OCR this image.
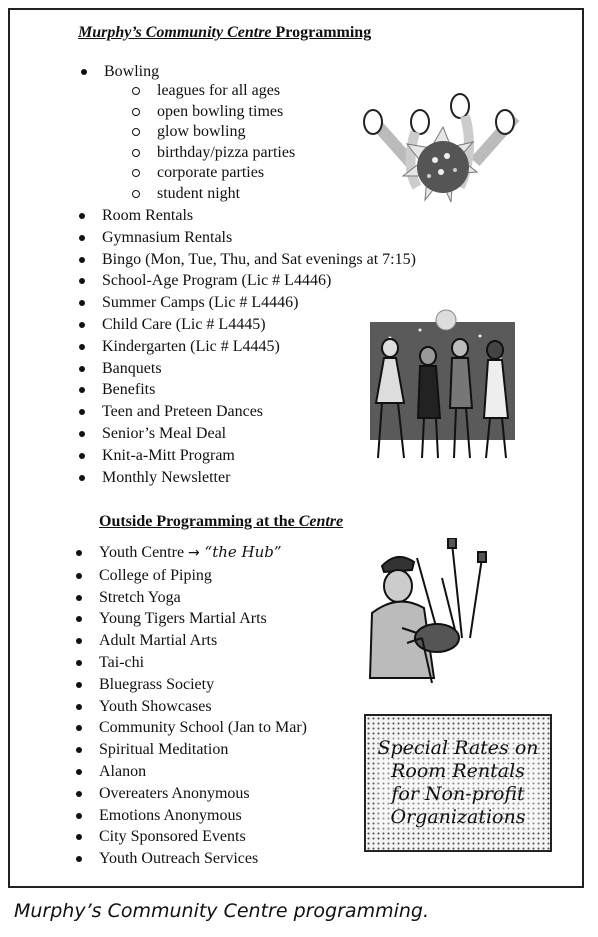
Murphy’s Community Centre Programming
Bowling
leagues for all ages
open bowling times
glow bowling
birthday/pizza parties
corporate parties
student night
Room Rentals
Gymnasium Rentals
Bingo (Mon, Tue, Thu, and Sat evenings at 7:15)
School-Age Program (Lic # L4446)
Summer Camps (Lic # L4446)
Child Care (Lic # L4445)
Kindergarten (Lic # L4445)
Banquets
Benefits
Teen and Preteen Dances
Senior’s Meal Deal
Knit-a-Mitt Program
Monthly Newsletter
Outside Programming at the Centre
Youth Centre → “the Hub”
College of Piping
Stretch Yoga
Young Tigers Martial Arts
Adult Martial Arts
Tai-chi
Bluegrass Society
Youth Showcases
Community School (Jan to Mar)
Spiritual Meditation
Alanon
Overeaters Anonymous
Emotions Anonymous
City Sponsored Events
Youth Outreach Services
Special Rates on
Room Rentals
for Non-profit
Organizations
Murphy’s Community Centre programming.
